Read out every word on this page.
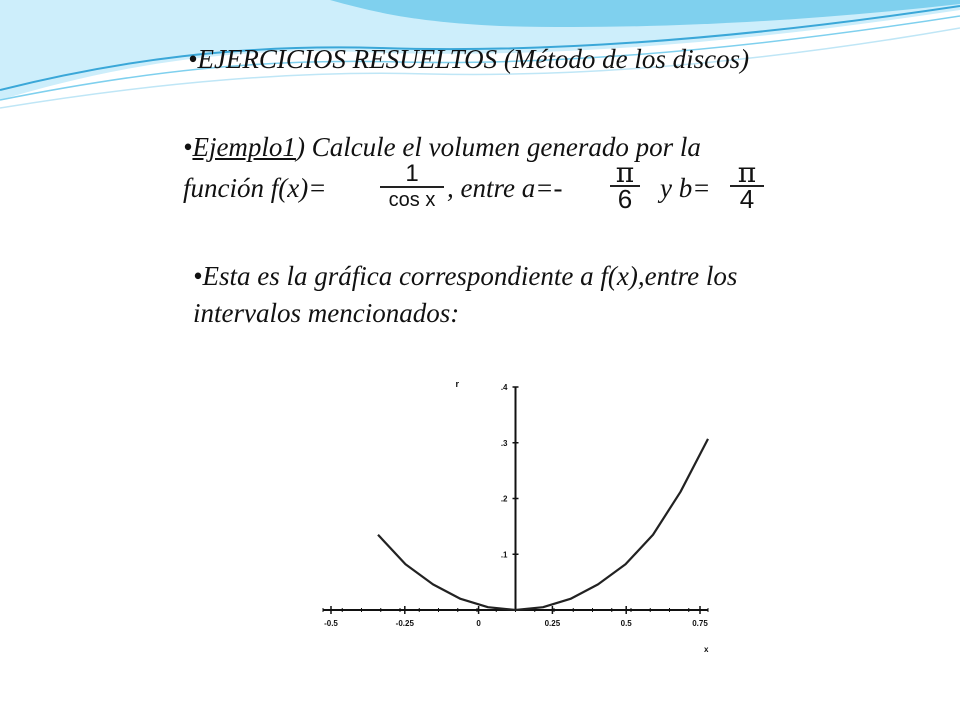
•EJERCICIOS RESUELTOS (Método de los discos)
•Ejemplo1) Calcule el volumen generado por la
función f(x)=	1
cos x , entre a=- π
6 y b= π
4
•Esta es la gráfica correspondiente a f(x),entre los
intervalos mencionados:
-0.5	-0.25	0	0.25	0.5	0.75
.1
.2
.3
.4
r
x
